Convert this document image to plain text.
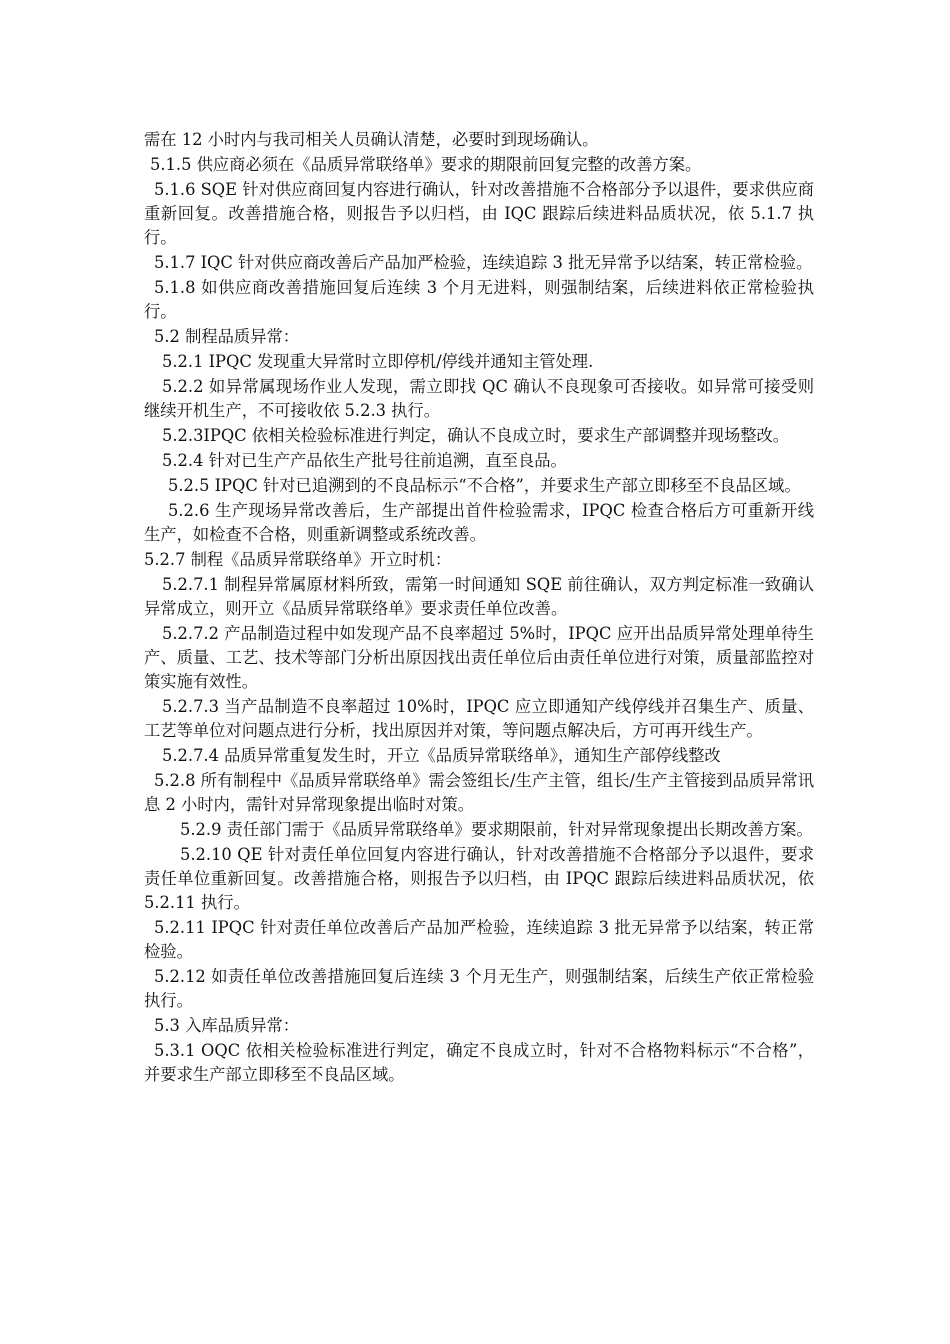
需在 12 小时内与我司相关人员确认清楚，必要时到现场确认。

5.1.5 供应商必须在《品质异常联络单》要求的期限前回复完整的改善方案。

5.1.6 SQE 针对供应商回复内容进行确认，针对改善措施不合格部分予以退件，要求供应商重新回复。改善措施合格，则报告予以归档，由 IQC 跟踪后续进料品质状况，依 5.1.7 执行。

5.1.7 IQC 针对供应商改善后产品加严检验，连续追踪 3 批无异常予以结案，转正常检验。

5.1.8 如供应商改善措施回复后连续 3 个月无进料，则强制结案，后续进料依正常检验执行。

5.2 制程品质异常：

5.2.1 IPQC 发现重大异常时立即停机/停线并通知主管处理.

5.2.2 如异常属现场作业人发现，需立即找 QC 确认不良现象可否接收。如异常可接受则继续开机生产，不可接收依 5.2.3 执行。

5.2.3IPQC 依相关检验标准进行判定，确认不良成立时，要求生产部调整并现场整改。

5.2.4 针对已生产产品依生产批号往前追溯，直至良品。

5.2.5 IPQC 针对已追溯到的不良品标示“不合格”，并要求生产部立即移至不良品区域。

5.2.6 生产现场异常改善后，生产部提出首件检验需求，IPQC 检查合格后方可重新开线生产，如检查不合格，则重新调整或系统改善。

5.2.7 制程《品质异常联络单》开立时机：

5.2.7.1 制程异常属原材料所致，需第一时间通知 SQE 前往确认，双方判定标准一致确认异常成立，则开立《品质异常联络单》要求责任单位改善。

5.2.7.2 产品制造过程中如发现产品不良率超过 5%时，IPQC 应开出品质异常处理单待生产、质量、工艺、技术等部门分析出原因找出责任单位后由责任单位进行对策，质量部监控对策实施有效性。

5.2.7.3 当产品制造不良率超过 10%时，IPQC 应立即通知产线停线并召集生产、质量、工艺等单位对问题点进行分析，找出原因并对策，等问题点解决后，方可再开线生产。

5.2.7.4 品质异常重复发生时，开立《品质异常联络单》，通知生产部停线整改

5.2.8 所有制程中《品质异常联络单》需会签组长/生产主管，组长/生产主管接到品质异常讯息 2 小时内，需针对异常现象提出临时对策。

5.2.9 责任部门需于《品质异常联络单》要求期限前，针对异常现象提出长期改善方案。

5.2.10 QE 针对责任单位回复内容进行确认，针对改善措施不合格部分予以退件，要求责任单位重新回复。改善措施合格，则报告予以归档，由 IPQC 跟踪后续进料品质状况，依 5.2.11 执行。

5.2.11 IPQC 针对责任单位改善后产品加严检验，连续追踪 3 批无异常予以结案，转正常检验。

5.2.12 如责任单位改善措施回复后连续 3 个月无生产，则强制结案，后续生产依正常检验执行。

5.3 入库品质异常：

5.3.1 OQC 依相关检验标准进行判定，确定不良成立时，针对不合格物料标示“不合格”，并要求生产部立即移至不良品区域。
